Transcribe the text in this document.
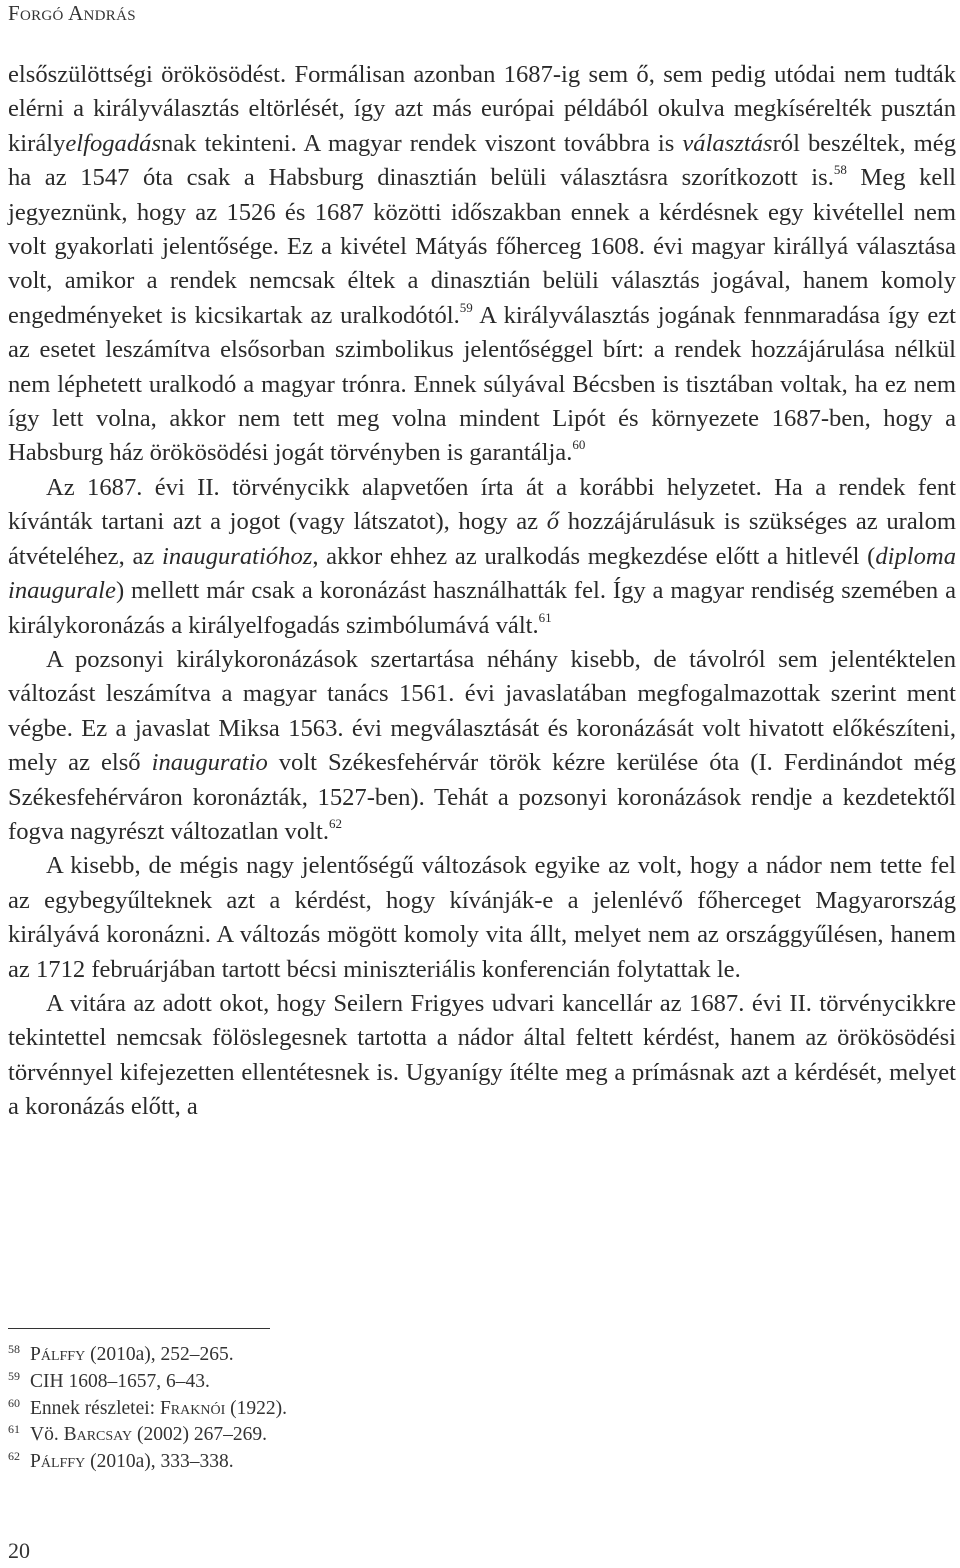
Forgó András

elsőszülöttségi örökösödést. Formálisan azonban 1687-ig sem ő, sem pedig utódai nem tudták elérni a királyválasztás eltörlését, így azt más európai példából okulva megkísérelték pusztán királyelfogadásnak tekinteni. A magyar rendek viszont továbbra is választásról beszéltek, még ha az 1547 óta csak a Habsburg dinasztián belüli választásra szorítkozott is.$^{58}$ Meg kell jegyeznünk, hogy az 1526 és 1687 közötti időszakban ennek a kérdésnek egy kivétellel nem volt gyakorlati jelentősége. Ez a kivétel Mátyás főherceg 1608. évi magyar királlyá választása volt, amikor a rendek nemcsak éltek a dinasztián belüli választás jogával, hanem komoly engedményeket is kicsikartak az uralkodótól.$^{59}$ A királyválasztás jogának fennmaradása így ezt az esetet leszámítva elsősorban szimbolikus jelentőséggel bírt: a rendek hozzájárulása nélkül nem léphetett uralkodó a magyar trónra. Ennek súlyával Bécsben is tisztában voltak, ha ez nem így lett volna, akkor nem tett meg volna mindent Lipót és környezete 1687-ben, hogy a Habsburg ház örökösödési jogát törvényben is garantálja.$^{60}$

Az 1687. évi II. törvénycikk alapvetően írta át a korábbi helyzetet. Ha a rendek fent kívánták tartani azt a jogot (vagy látszatot), hogy az ő hozzájárulásuk is szükséges az uralom átvételéhez, az inauguratióhoz, akkor ehhez az uralkodás megkezdése előtt a hitlevél (diploma inaugurale) mellett már csak a koronázást használhatták fel. Így a magyar rendiség szemében a királykoronázás a királyelfogadás szimbólumává vált.$^{61}$

A pozsonyi királykoronázások szertartása néhány kisebb, de távolról sem jelentéktelen változást leszámítva a magyar tanács 1561. évi javaslatában megfogalmazottak szerint ment végbe. Ez a javaslat Miksa 1563. évi megválasztását és koronázását volt hivatott előkészíteni, mely az első inauguratio volt Székesfehérvár török kézre kerülése óta (I. Ferdinándot még Székesfehérváron koronázták, 1527-ben). Tehát a pozsonyi koronázások rendje a kezdetektől fogva nagyrészt változatlan volt.$^{62}$

A kisebb, de mégis nagy jelentőségű változások egyike az volt, hogy a nádor nem tette fel az egybegyűlteknek azt a kérdést, hogy kívánják-e a jelenlévő főherceget Magyarország királyává koronázni. A változás mögött komoly vita állt, melyet nem az országgyűlésen, hanem az 1712 februárjában tartott bécsi miniszteriális konferencián folytattak le.

A vitára az adott okot, hogy Seilern Frigyes udvari kancellár az 1687. évi II. törvénycikkre tekintettel nemcsak fölöslegesnek tartotta a nádor által feltett kérdést, hanem az örökösödési törvénnyel kifejezetten ellentétesnek is. Ugyanígy ítélte meg a prímásnak azt a kérdését, melyet a koronázás előtt, a

58 Pálffy (2010a), 252–265.
59 CIH 1608–1657, 6–43.
60 Ennek részletei: Fraknói (1922).
61 Vö. Barcsay (2002) 267–269.
62 Pálffy (2010a), 333–338.
20
